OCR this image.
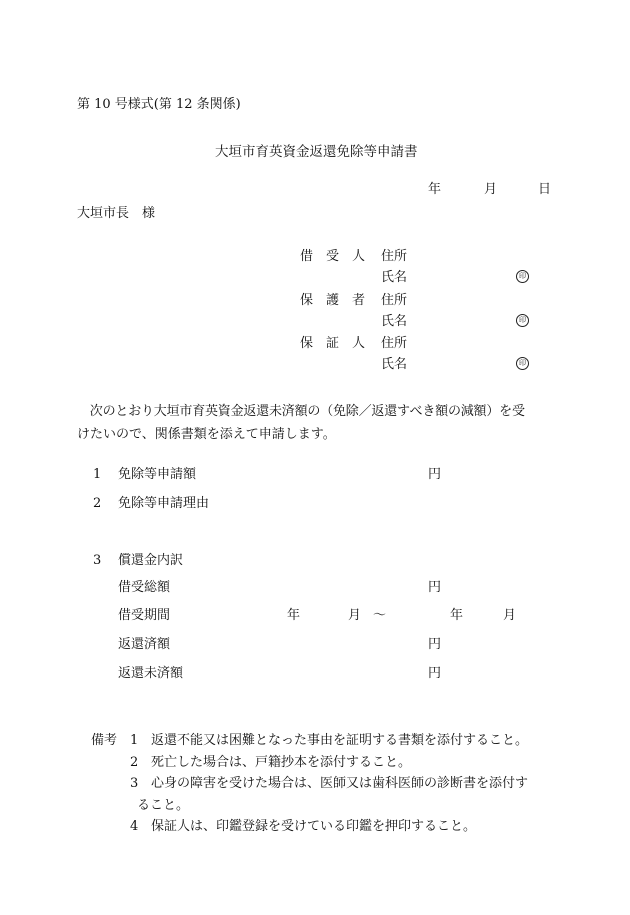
第 10 号様式(第 12 条関係)
大垣市育英資金返還免除等申請書
年	月	日
大垣市長　様
借　受　人 住所
氏名	印
保　護　者 住所
氏名	印
保　証　人 住所
氏名	印
　次のとおり大垣市育英資金返還未済額の（免除／返還すべき額の減額）を受
けたいので、関係書類を添えて申請します。
1 免除等申請額	円
2 免除等申請理由
3 償還金内訳
借受総額	円
借受期間	年	月 ～	年	月
返還済額	円
返還未済額	円
備考 1 返還不能又は困難となった事由を証明する書類を添付すること。
2 死亡した場合は、戸籍抄本を添付すること。
3 心身の障害を受けた場合は、医師又は歯科医師の診断書を添付す
ること。
4 保証人は、印鑑登録を受けている印鑑を押印すること。
